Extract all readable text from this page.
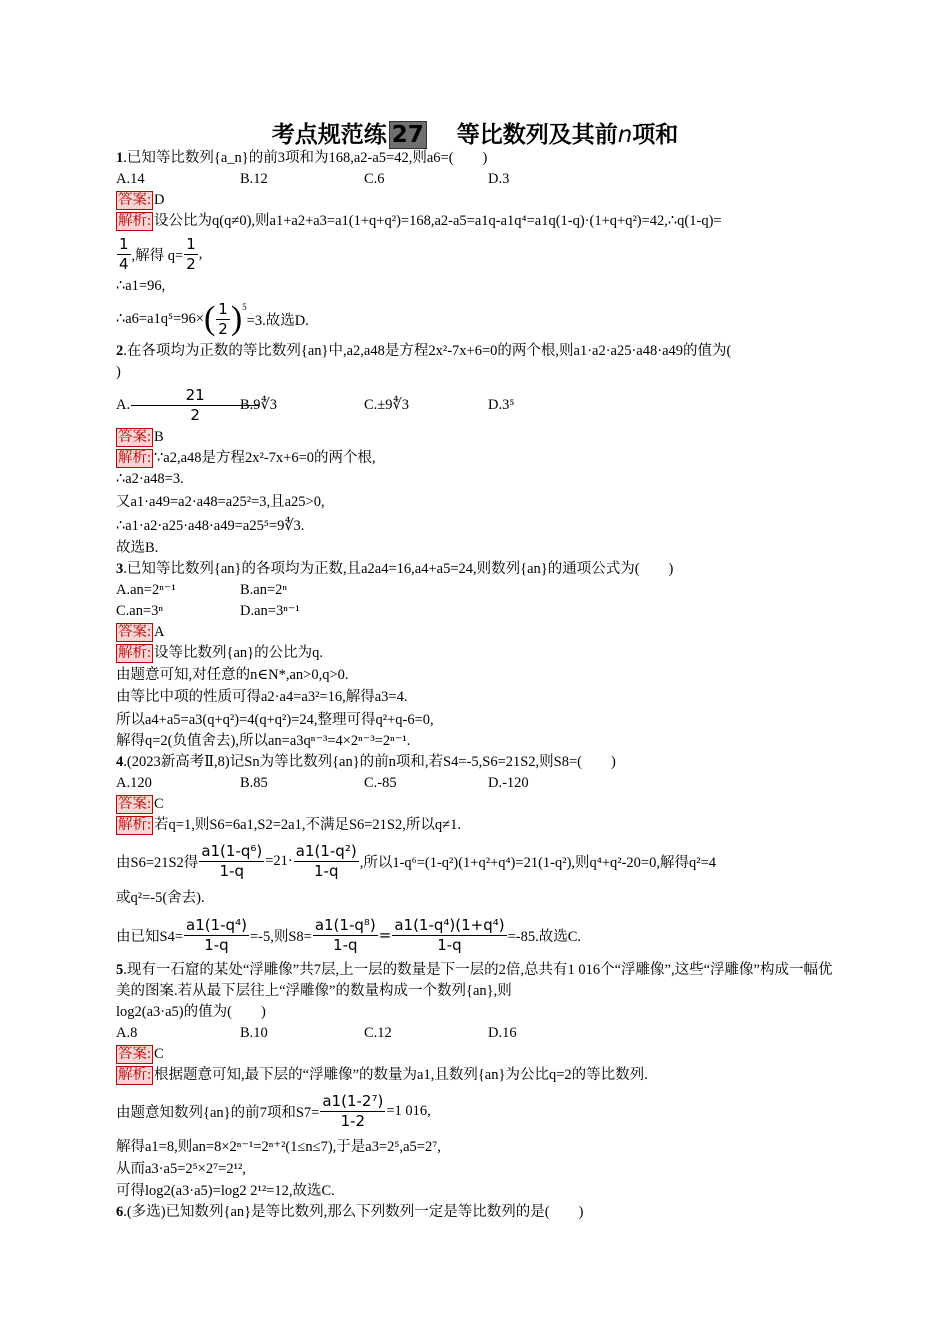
考点规范练 27 等比数列及其前n项和
1.已知等比数列{a_n}的前3项和为168,a2-a5=42,则a6=(　　)
A.14	B.12	C.6	D.3
答案: D
解析: 设公比为q(q≠0),则a1+a2+a3=a1(1+q+q²)=168,a2-a5=a1q-a1q⁴=a1q(1-q)·(1+q+q²)=42,∴q(1-q)=
$\frac{1}{4}$ ,解得 $q= \frac{1}{2}$ ,
∴a1=96,
∴a6=a1q⁵=96× ( $\frac{1}{2} )^5$
=3.故选D.
2.在各项均为正数的等比数列{an}中,a2,a48是方程2x²-7x+6=0的两个根,则a1·a2·a25·a48·a49的值为(
)
A. $\frac{21}{2}$
B.9∜3	C.±9∜3	D.3⁵
答案: B
解析: ∵a2,a48是方程2x²-7x+6=0的两个根,
∴a2·a48=3.
又a1·a49=a2·a48=a25²=3,且a25>0,
∴a1·a2·a25·a48·a49=a25⁵=9∜3.
故选B.
3.已知等比数列{an}的各项均为正数,且a2a4=16,a4+a5=24,则数列{an}的通项公式为(　　)
A.an=2ⁿ⁻¹	B.an=2ⁿ
C.an=3ⁿ	D.an=3ⁿ⁻¹
答案: A
解析: 设等比数列{an}的公比为q.
由题意可知,对任意的n∈N*,an>0,q>0.
由等比中项的性质可得a2·a4=a3²=16,解得a3=4.
所以a4+a5=a3(q+q²)=4(q+q²)=24,整理可得q²+q-6=0,
解得q=2(负值舍去),所以an=a3qⁿ⁻³=4×2ⁿ⁻³=2ⁿ⁻¹.
4.(2023新高考Ⅱ,8)记Sn为等比数列{an}的前n项和,若S4=-5,S6=21S2,则S8=(　　)
A.120	B.85	C.-85	D.-120
答案: C
解析: 若q=1,则S6=6a1,S2=2a1,不满足S6=21S2,所以q≠1.
由S6=21S2得 $\frac{\text{a1(1-q⁶)}}{1-q} =21\cdot \frac{\text{a1(1-q²)}}{1-q}$ ,所以1-q⁶=(1-q²)(1+q²+q⁴)=21(1-q²),则q⁴+q²-20=0,解得q²=4
或q²=-5(舍去).
由已知$S4= \frac{\text{a1(1-q⁴)}}{1-q} =-5$,则$S8= \frac{\text{a1(1-q⁸)}}{1-q} = \frac{\text{a1(1-q⁴)(1+q⁴)}}{1-q} =-85$.故选C.
5.现有一石窟的某处“浮雕像”共7层,上一层的数量是下一层的2倍,总共有1 016个“浮雕像”,这些“浮雕像”构成一幅优美的图案.若从最下层往上“浮雕像”的数量构成一个数列{an},则
log2(a3·a5)的值为(　　)
A.8	B.10	C.12	D.16
答案: C
解析: 根据题意可知,最下层的“浮雕像”的数量为a1,且数列{an}为公比q=2的等比数列.
由题意知数列{an}的前7项和$S7= \frac{\text{a1(1-2⁷)}}{1-2} =1$ 016,
解得a1=8,则an=8×2ⁿ⁻¹=2ⁿ⁺²(1≤n≤7),于是a3=2⁵,a5=2⁷,
从而a3·a5=2⁵×2⁷=2¹²,
可得log2(a3·a5)=log2 2¹²=12,故选C.
6.(多选)已知数列{an}是等比数列,那么下列数列一定是等比数列的是(　　)
